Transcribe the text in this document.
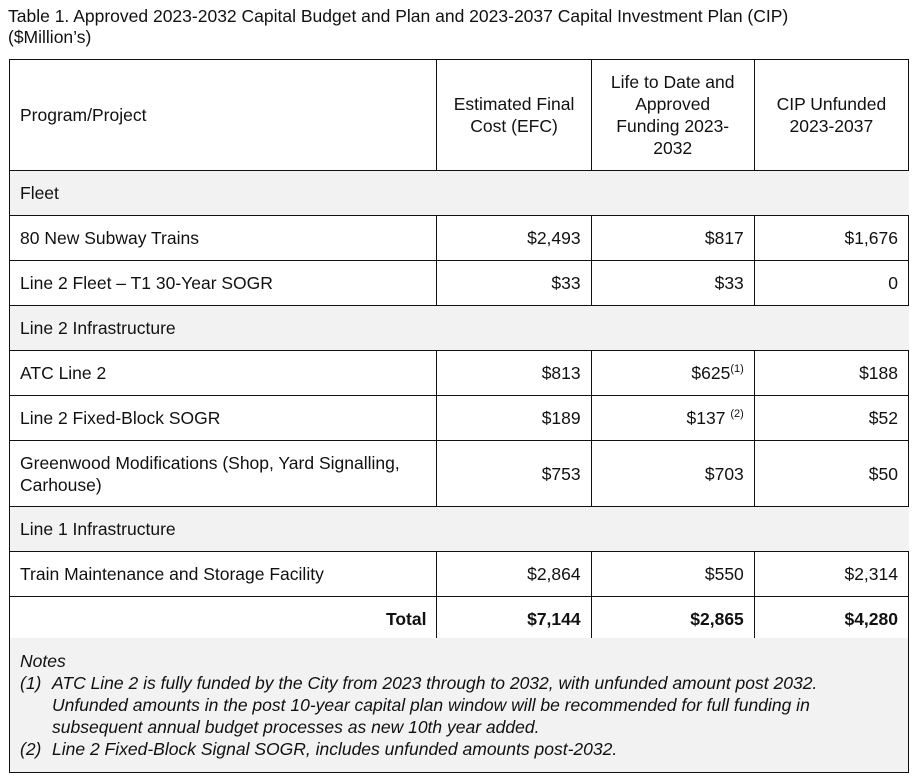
Table 1. Approved 2023-2032 Capital Budget and Plan and 2023-2037 Capital Investment Plan (CIP)
($Million’s)
Program/Project	Estimated Final Cost (EFC)	Life to Date and Approved Funding 2023-2032	CIP Unfunded 2023-2037
Fleet			
80 New Subway Trains	$2,493	$817	$1,676
Line 2 Fleet – T1 30-Year SOGR	$33	$33	0
Line 2 Infrastructure			
ATC Line 2	$813	$625$^{(1)}$	$188
Line 2 Fixed-Block SOGR	$189	$137 $^{(2)}$	$52
Greenwood Modifications (Shop, Yard Signalling, Carhouse)	$753	$703	$50
Line 1 Infrastructure			
Train Maintenance and Storage Facility	$2,864	$550	$2,314
Total	$7,144	$2,865	$4,280
Notes
(1) ATC Line 2 is fully funded by the City from 2023 through to 2032, with unfunded amount post 2032. Unfunded amounts in the post 10-year capital plan window will be recommended for full funding in subsequent annual budget processes as new 10th year added.
(2) Line 2 Fixed-Block Signal SOGR, includes unfunded amounts post-2032.
